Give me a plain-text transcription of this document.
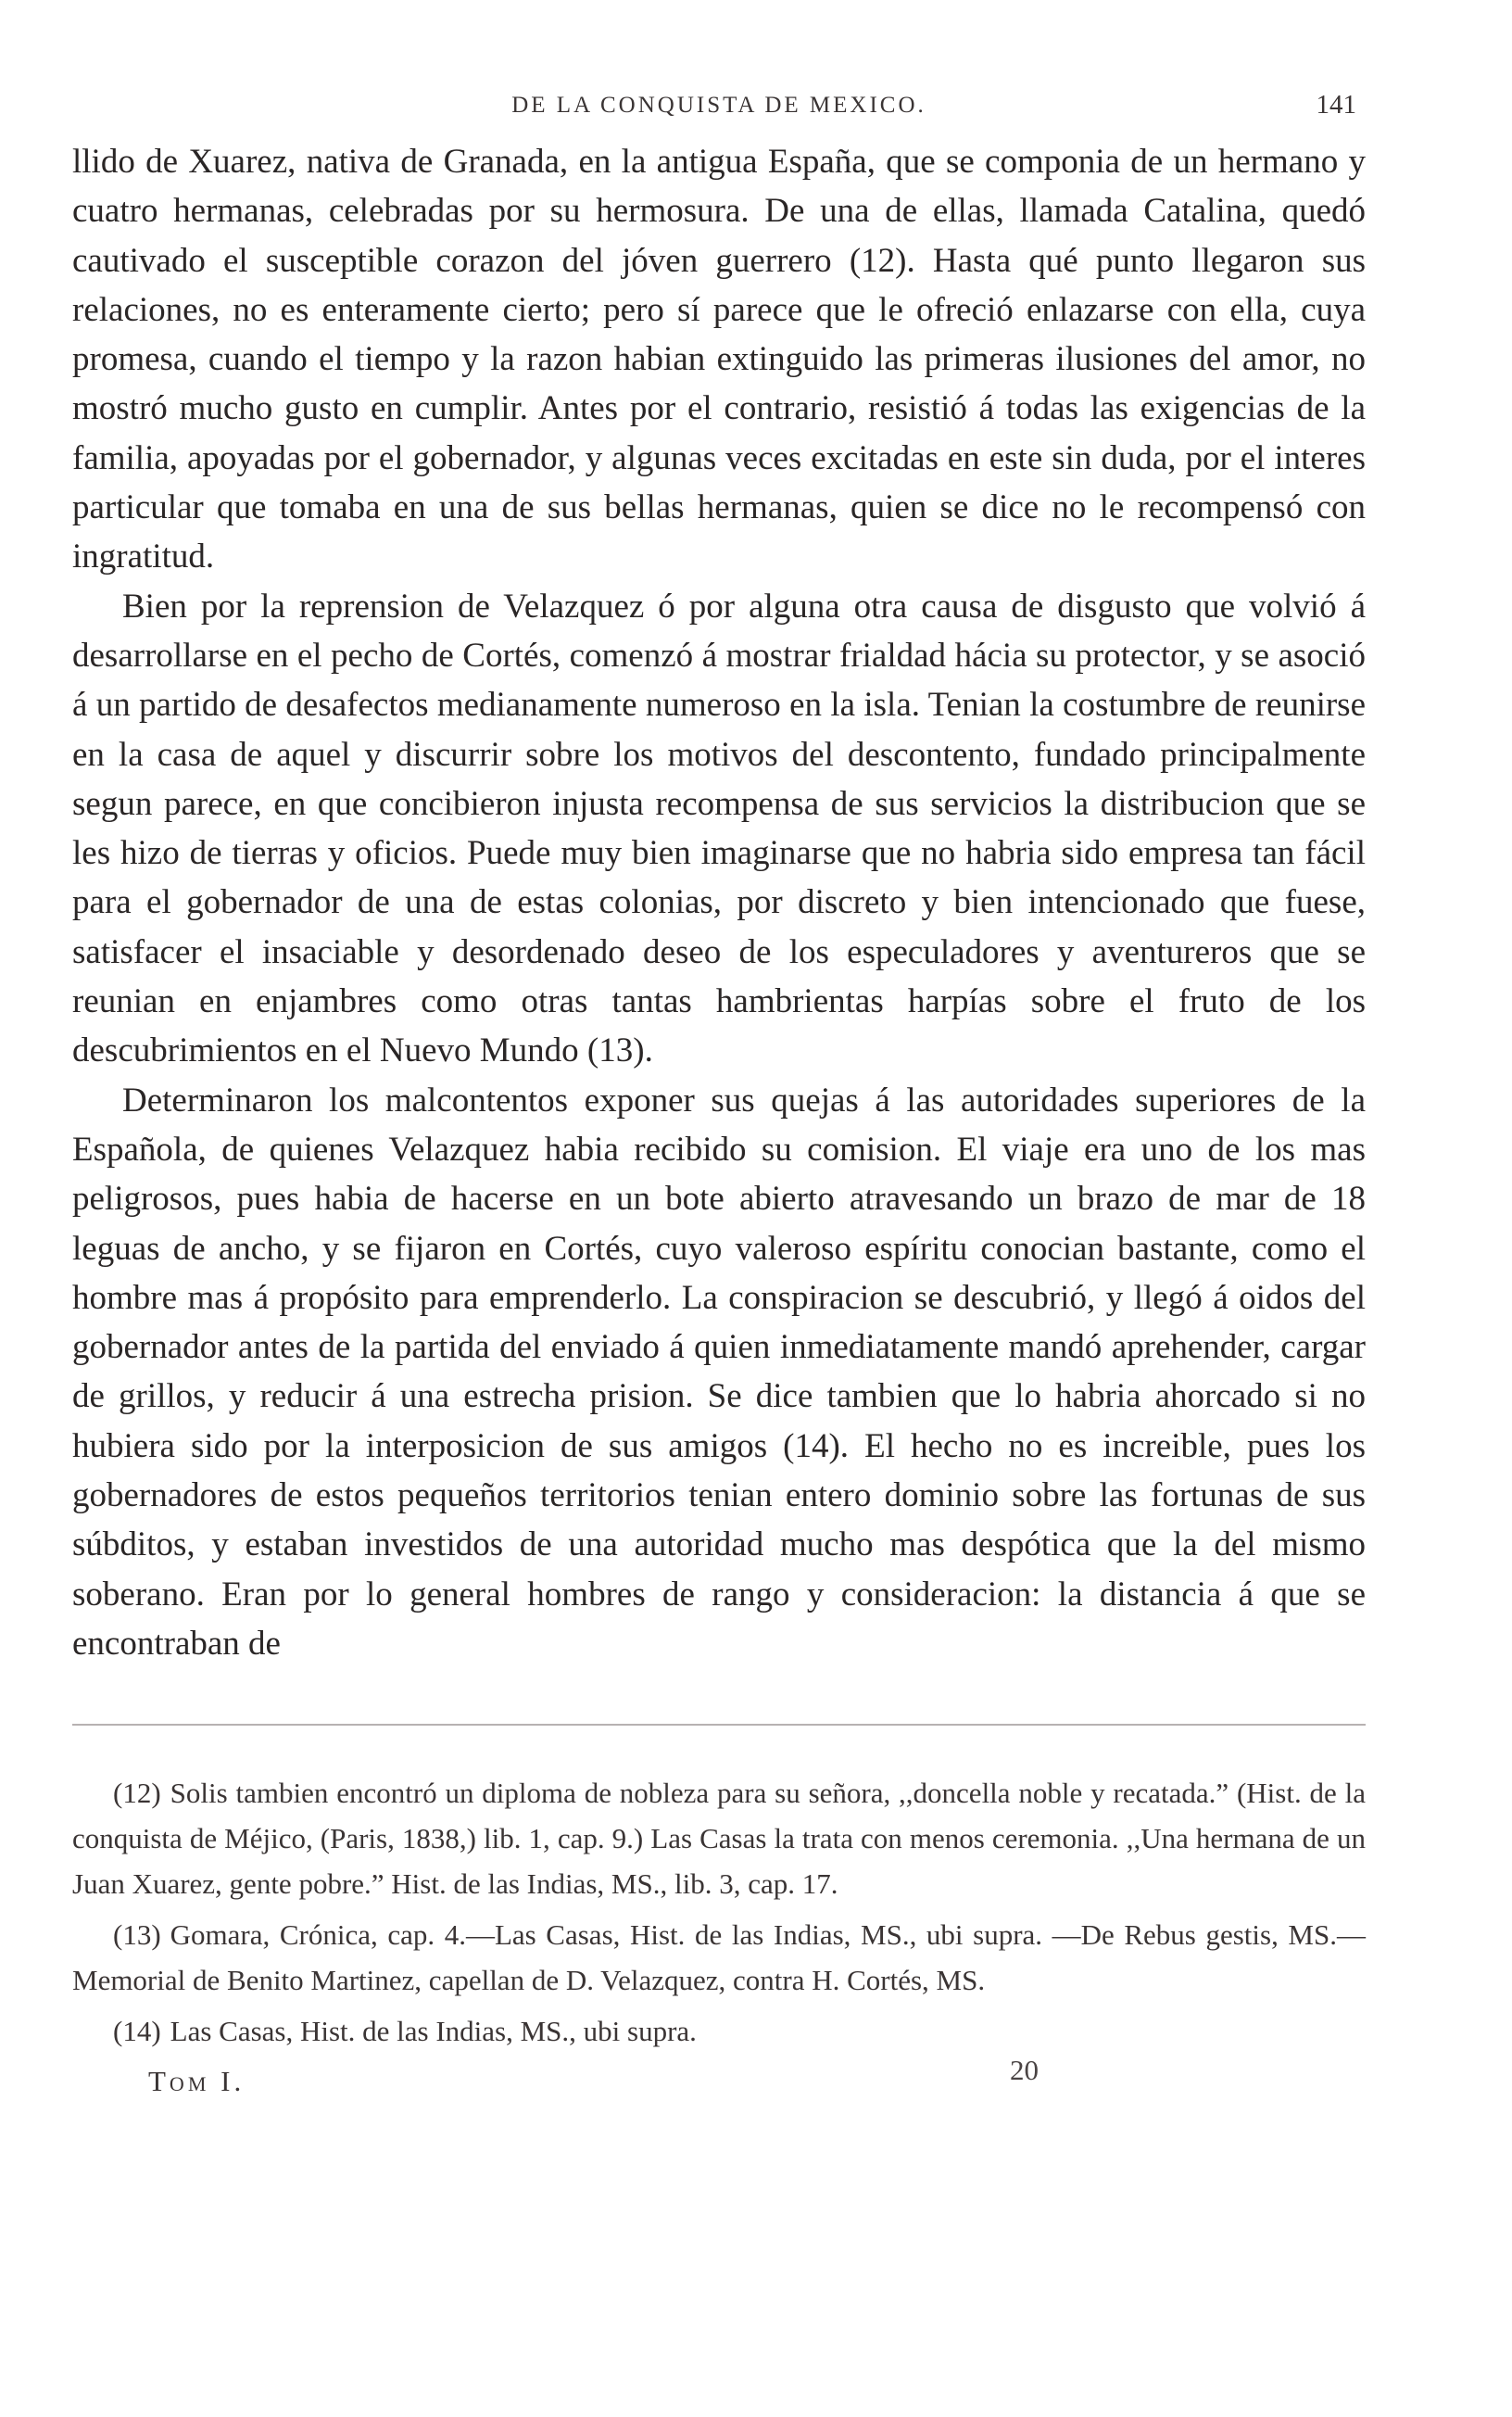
DE LA CONQUISTA DE MEXICO.	141

llido de Xuarez, nativa de Granada, en la antigua España, que se componia de un hermano y cuatro hermanas, celebradas por su hermosura. De una de ellas, llamada Catalina, quedó cautivado el susceptible corazon del jóven guerrero (12). Hasta qué punto llegaron sus relaciones, no es enteramente cierto; pero sí parece que le ofreció enlazarse con ella, cuya promesa, cuando el tiempo y la razon habian extinguido las primeras ilusiones del amor, no mostró mucho gusto en cumplir. Antes por el contrario, resistió á todas las exigencias de la familia, apoyadas por el gobernador, y algunas veces excitadas en este sin duda, por el interes particular que tomaba en una de sus bellas hermanas, quien se dice no le recompensó con ingratitud.

Bien por la reprension de Velazquez ó por alguna otra causa de disgusto que volvió á desarrollarse en el pecho de Cortés, comenzó á mostrar frialdad hácia su protector, y se asoció á un partido de desafectos medianamente numeroso en la isla. Tenian la costumbre de reunirse en la casa de aquel y discurrir sobre los motivos del descontento, fundado principalmente segun parece, en que concibieron injusta recompensa de sus servicios la distribucion que se les hizo de tierras y oficios. Puede muy bien imaginarse que no habria sido empresa tan fácil para el gobernador de una de estas colonias, por discreto y bien intencionado que fuese, satisfacer el insaciable y desordenado deseo de los especuladores y aventureros que se reunian en enjambres como otras tantas hambrientas harpías sobre el fruto de los descubrimientos en el Nuevo Mundo (13).

Determinaron los malcontentos exponer sus quejas á las autoridades superiores de la Española, de quienes Velazquez habia recibido su comision. El viaje era uno de los mas peligrosos, pues habia de hacerse en un bote abierto atravesando un brazo de mar de 18 leguas de ancho, y se fijaron en Cortés, cuyo valeroso espíritu conocian bastante, como el hombre mas á propósito para emprenderlo. La conspiracion se descubrió, y llegó á oidos del gobernador antes de la partida del enviado á quien inmediatamente mandó aprehender, cargar de grillos, y reducir á una estrecha prision. Se dice tambien que lo habria ahorcado si no hubiera sido por la interposicion de sus amigos (14). El hecho no es increible, pues los gobernadores de estos pequeños territorios tenian entero dominio sobre las fortunas de sus súbditos, y estaban investidos de una autoridad mucho mas despótica que la del mismo soberano. Eran por lo general hombres de rango y consideracion: la distancia á que se encontraban de

(12) Solis tambien encontró un diploma de nobleza para su señora, ,,doncella noble y recatada.” (Hist. de la conquista de Méjico, (Paris, 1838,) lib. 1, cap. 9.) Las Casas la trata con menos ceremonia. ,,Una hermana de un Juan Xuarez, gente pobre.” Hist. de las Indias, MS., lib. 3, cap. 17.

(13) Gomara, Crónica, cap. 4.—Las Casas, Hist. de las Indias, MS., ubi supra. —De Rebus gestis, MS.—Memorial de Benito Martinez, capellan de D. Velazquez, contra H. Cortés, MS.

(14) Las Casas, Hist. de las Indias, MS., ubi supra.

Tom I.	20
